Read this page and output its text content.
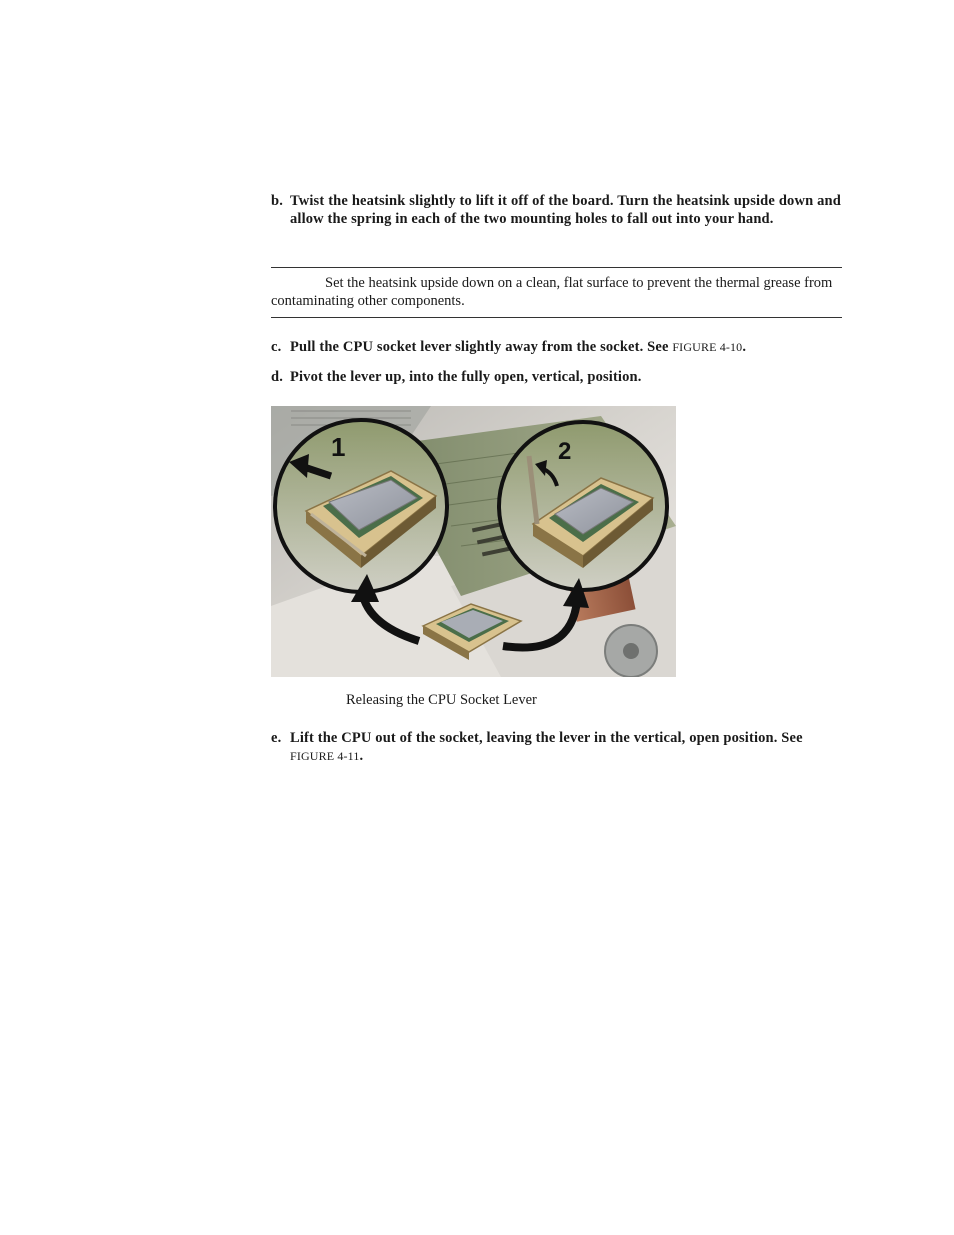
b. Twist the heatsink slightly to lift it off of the board. Turn the heatsink upside down and allow the spring in each of the two mounting holes to fall out into your hand.
Set the heatsink upside down on a clean, flat surface to prevent the thermal grease from contaminating other components.
c. Pull the CPU socket lever slightly away from the socket. See FIGURE 4-10.
d. Pivot the lever up, into the fully open, vertical, position.
1	2
Releasing the CPU Socket Lever
e. Lift the CPU out of the socket, leaving the lever in the vertical, open position. See FIGURE 4-11.
